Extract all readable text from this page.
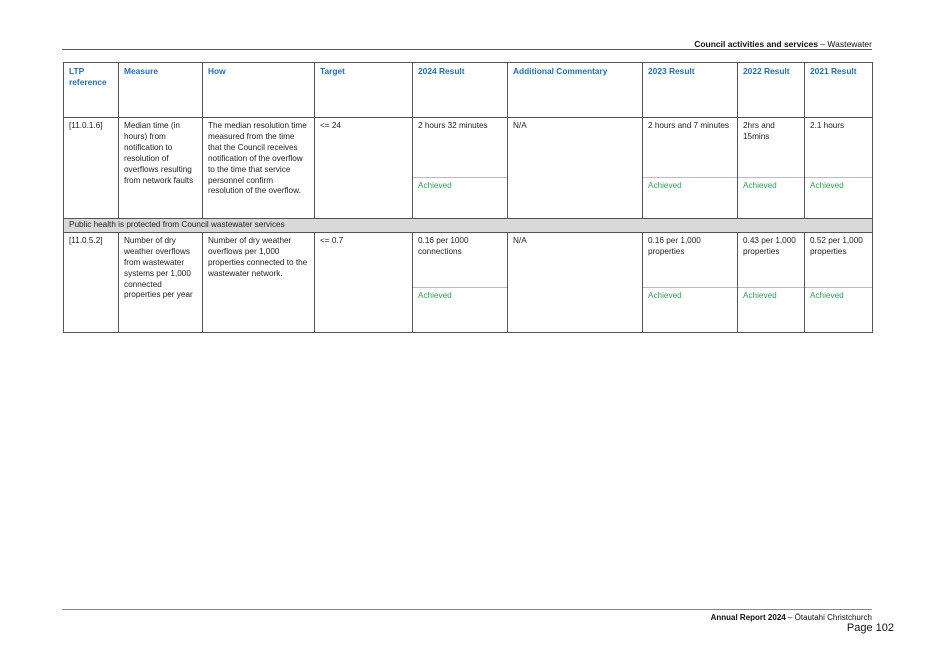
Council activities and services – Wastewater
LTP reference	Measure	How	Target	2024 Result	Additional Commentary	2023 Result	2022 Result	2021 Result
[11.0.1.6]	Median time (in hours) from notification to resolution of overflows resulting from network faults	The median resolution time measured from the time that the Council receives notification of the overflow to the time that service personnel confirm resolution of the overflow.	<= 24	2 hours 32 minutes	N/A	2 hours and 7 minutes	2hrs and 15mins	2.1 hours
				Achieved		Achieved	Achieved	Achieved
Public health is protected from Council wastewater services								
[11.0.5.2]	Number of dry weather overflows from wastewater systems per 1,000 connected properties per year	Number of dry weather overflows per 1,000 properties connected to the wastewater network.	<= 0.7	0.16 per 1000 connections	N/A	0.16 per 1,000 properties	0.43 per 1,000 properties	0.52 per 1,000 properties
				Achieved		Achieved	Achieved	Achieved
Annual Report 2024 – Ōtautahi Christchurch
Page 102
